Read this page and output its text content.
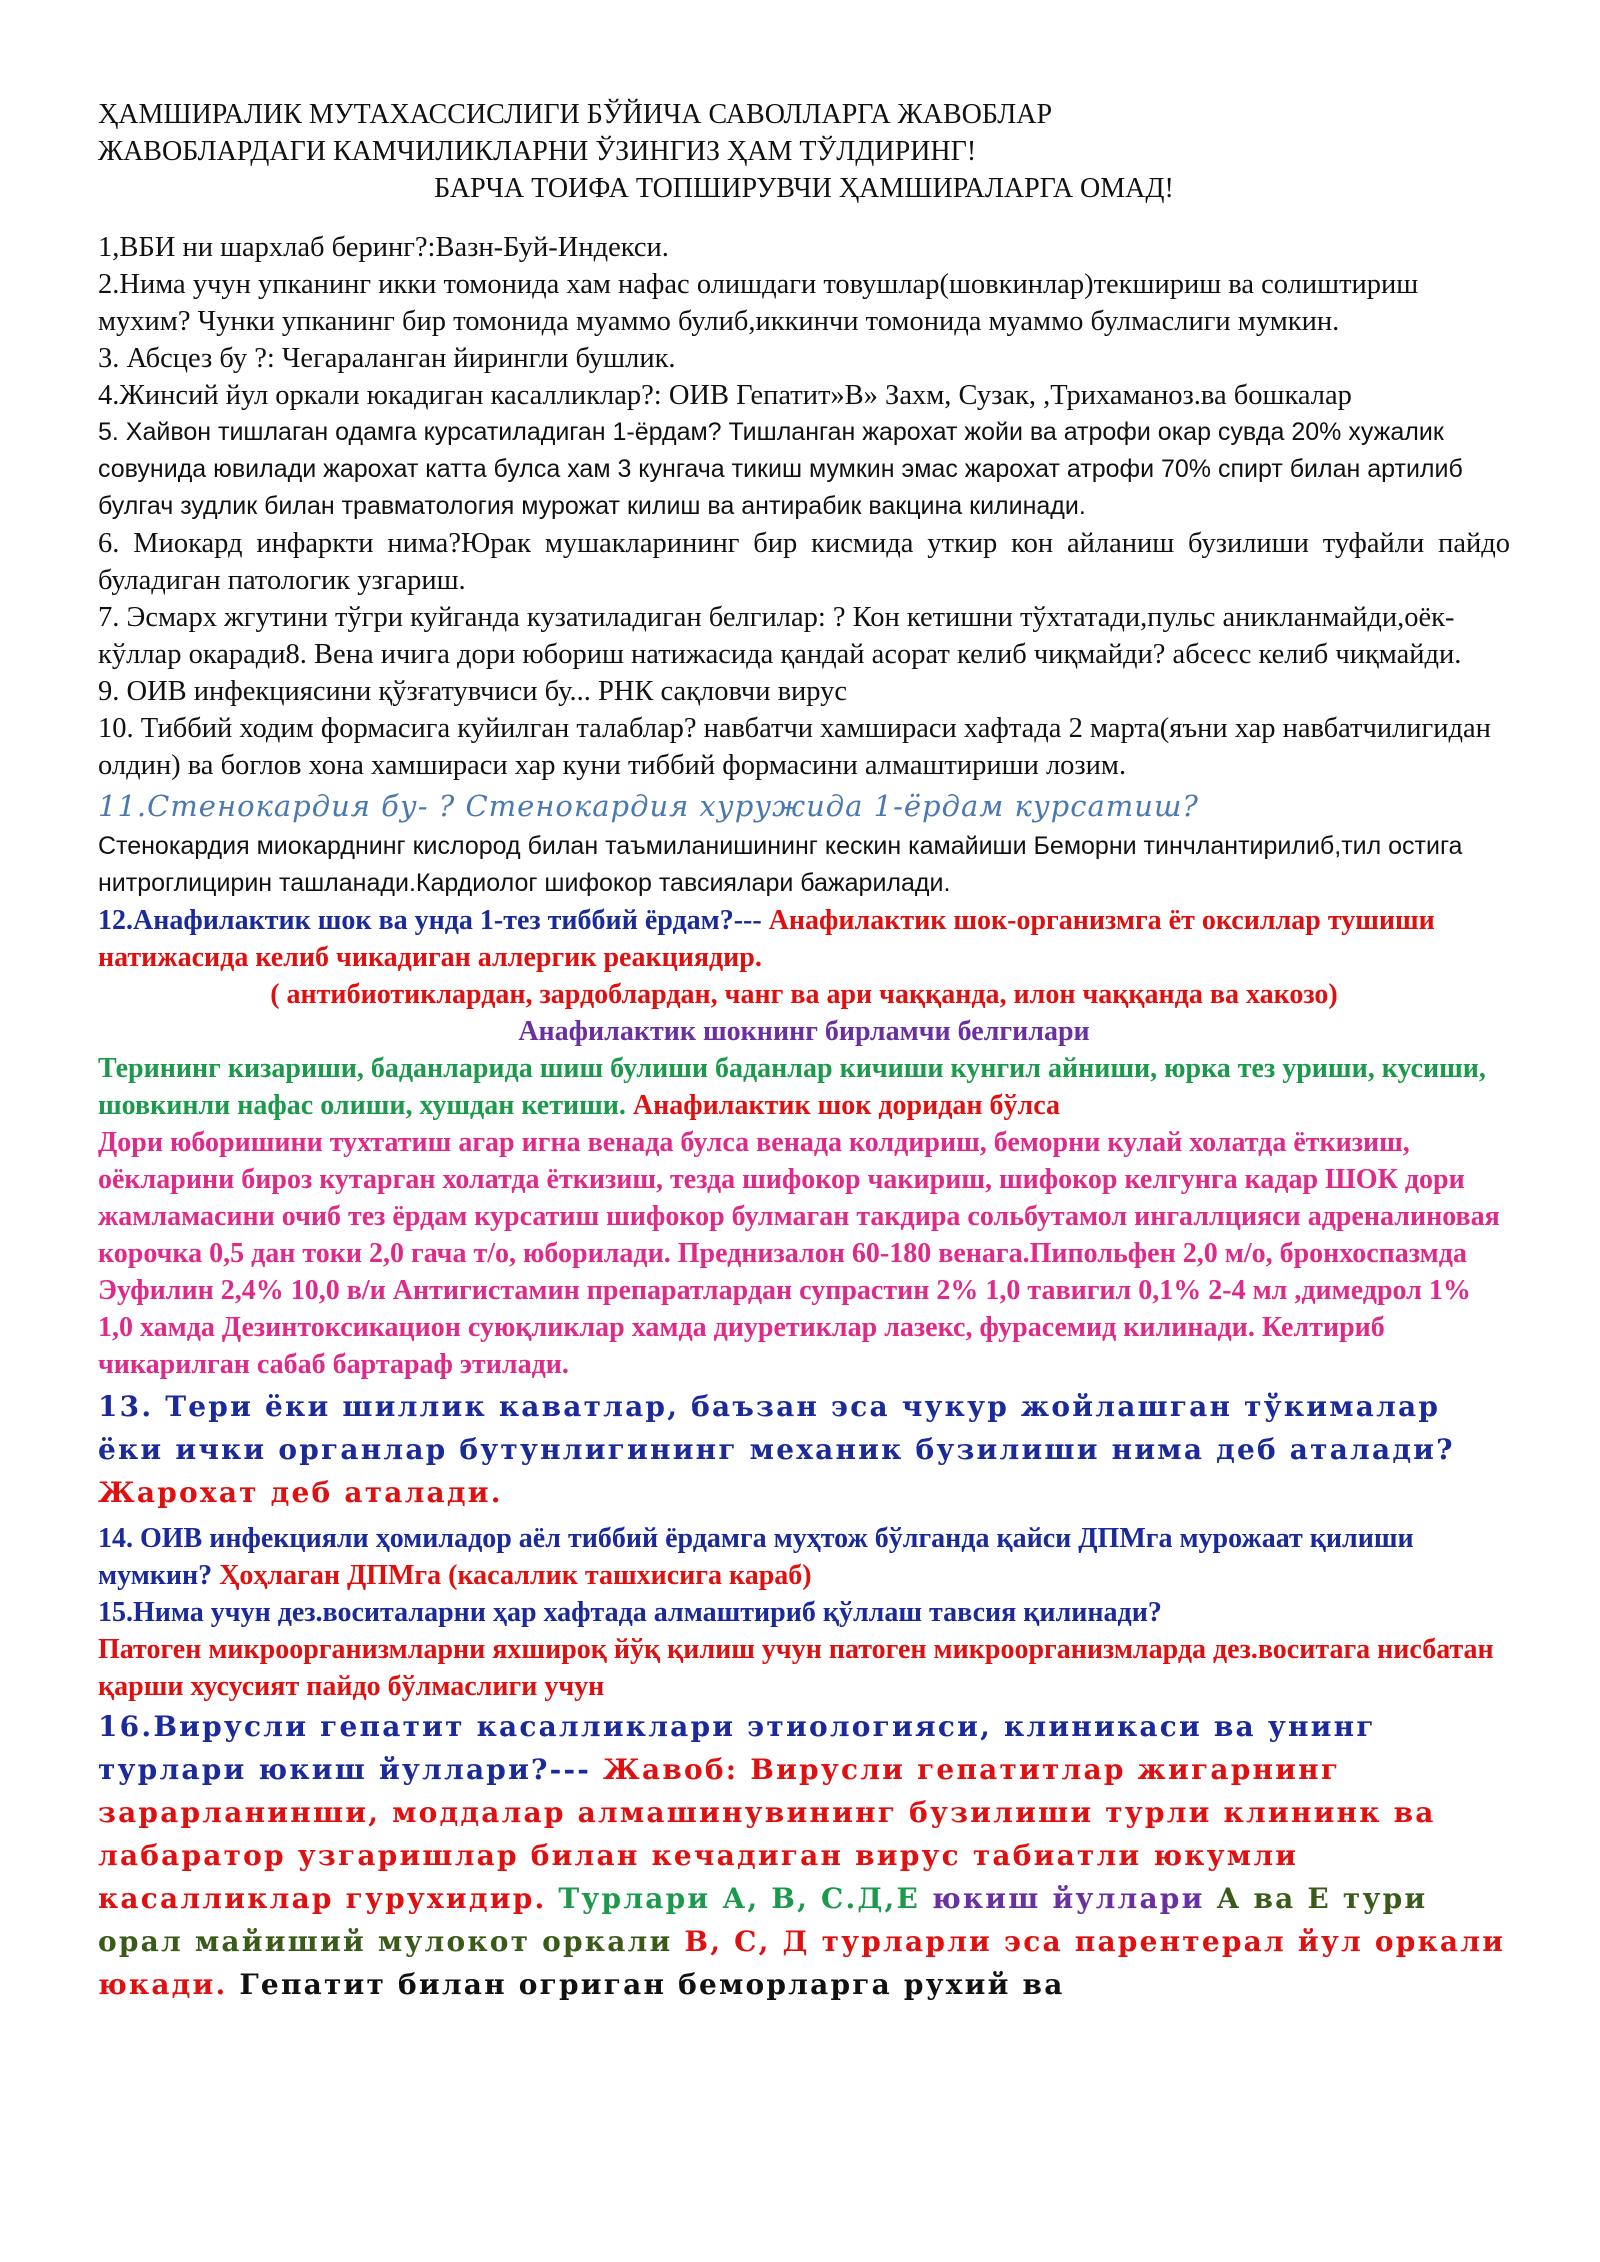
ҲАМШИРАЛИК МУТАХАССИСЛИГИ БЎЙИЧА САВОЛЛАРГА ЖАВОБЛАР
ЖАВОБЛАРДАГИ КАМЧИЛИКЛАРНИ ЎЗИНГИЗ ҲАМ ТЎЛДИРИНГ!
БАРЧА ТОИФА ТОПШИРУВЧИ ҲАМШИРАЛАРГА ОМАД!

1,ВБИ ни шархлаб беринг?:Вазн-Буй-Индекси.

2.Нима учун упканинг икки томонида хам нафас олишдаги товушлар(шовкинлар)текшириш ва солиштириш мухим? Чунки упканинг бир томонида муаммо булиб,иккинчи томонида муаммо булмаслиги мумкин.

3. Абсцез бу ?: Чегараланган йирингли бушлик.

4.Жинсий йул оркали юкадиган касалликлар?: ОИВ Гепатит»В» Захм, Сузак, ,Трихаманоз.ва бошкалар

5. Хайвон тишлаган одамга курсатиладиган 1-ёрдам? Тишланган жарохат жойи ва атрофи окар сувда 20% хужалик совунида ювилади жарохат катта булса хам 3 кунгача тикиш мумкин эмас жарохат атрофи 70% спирт билан артилиб булгач зудлик билан травматология мурожат килиш ва антирабик вакцина килинади.

6. Миокард инфаркти нима?Юрак мушакларининг бир кисмида уткир кон айланиш бузилиши туфайли пайдо буладиган патологик узгариш.

7. Эсмарх жгутини тўгри куйганда кузатиладиган белгилар: ? Кон кетишни тўхтатади,пульс аникланмайди,оёк-кўллар окаради8. Вена ичига дори юбориш натижасида қандай асорат келиб чиқмайди? абсесс келиб чиқмайди.

9. ОИВ инфекциясини қўзғатувчиси бу... РНК сақловчи вирус

10. Тиббий ходим формасига куйилган талаблар? навбатчи хамшираси хафтада 2 марта(яъни хар навбатчилигидан олдин) ва боглов хона хамшираси хар куни тиббий формасини алмаштириши лозим.

11.Стенокардия бу- ? Стенокардия хуружида 1-ёрдам курсатиш?

Стенокардия миокарднинг кислород билан таъмиланишининг кескин камайиши Беморни тинчлантирилиб,тил остига нитроглицирин ташланади.Кардиолог шифокор тавсиялари бажарилади.

12.Анафилактик шок ва унда 1-тез тиббий ёрдам?--- Анафилактик шок-организмга ёт оксиллар тушиши натижасида келиб чикадиган аллергик реакциядир.

( антибиотиклардан, зардоблардан, чанг ва ари чаққанда, илон чаққанда ва хакозо)

Анафилактик шокнинг бирламчи белгилари

Терининг кизариши, баданларида шиш булиши баданлар кичиши кунгил айниши, юрка тез уриши, кусиши, шовкинли нафас олиши, хушдан кетиши. Анафилактик шок доридан бўлса

Дори юборишини тухтатиш агар игна венада булса венада колдириш, беморни кулай холатда ёткизиш, оёкларини бироз кутарган холатда ёткизиш, тезда шифокор чакириш, шифокор келгунга кадар ШОК дори жамламасини очиб тез ёрдам курсатиш шифокор булмаган такдира сольбутамол ингаллцияси адреналиновая корочка 0,5 дан токи 2,0 гача т/о, юборилади. Преднизалон 60-180 венага.Пипольфен 2,0 м/о, бронхоспазмда Эуфилин 2,4% 10,0 в/и Антигистамин препаратлардан супрастин 2% 1,0 тавигил 0,1% 2-4 мл ,димедрол 1% 1,0 хамда Дезинтоксикацион суюқликлар хамда диуретиклар лазекс, фурасемид килинади. Келтириб чикарилган сабаб бартараф этилади.

13. Тери ёки шиллик каватлар, баъзан эса чукур жойлашган тўкималар ёки ички органлар бутунлигининг механик бузилиши нима деб аталади? Жарохат деб аталади.

14. ОИВ инфекцияли ҳомиладор аёл тиббий ёрдамга муҳтож бўлганда қайси ДПМга мурожаат қилиши мумкин? Ҳоҳлаган ДПМга (касаллик ташхисига караб)

15.Нима учун дез.воситаларни ҳар хафтада алмаштириб қўллаш тавсия қилинади?

Патоген микроорганизмларни яхшироқ йўқ қилиш учун патоген микроорганизмларда дез.воситага нисбатан қарши хусусият пайдо бўлмаслиги учун

16.Вирусли гепатит касалликлари этиологияси, клиникаси ва унинг турлари юкиш йуллари?--- Жавоб: Вирусли гепатитлар жигарнинг зарарланинши, моддалар алмашинувининг бузилиши турли клининк ва лабаратор узгаришлар билан кечадиган вирус табиатли юкумли касалликлар гурухидир. Турлари А, В, С.Д,Е юкиш йуллари А ва Е тури орал майиший мулокот оркали В, С, Д турларли эса парентерал йул оркали юкади. Гепатит билан огриган беморларга рухий ва
